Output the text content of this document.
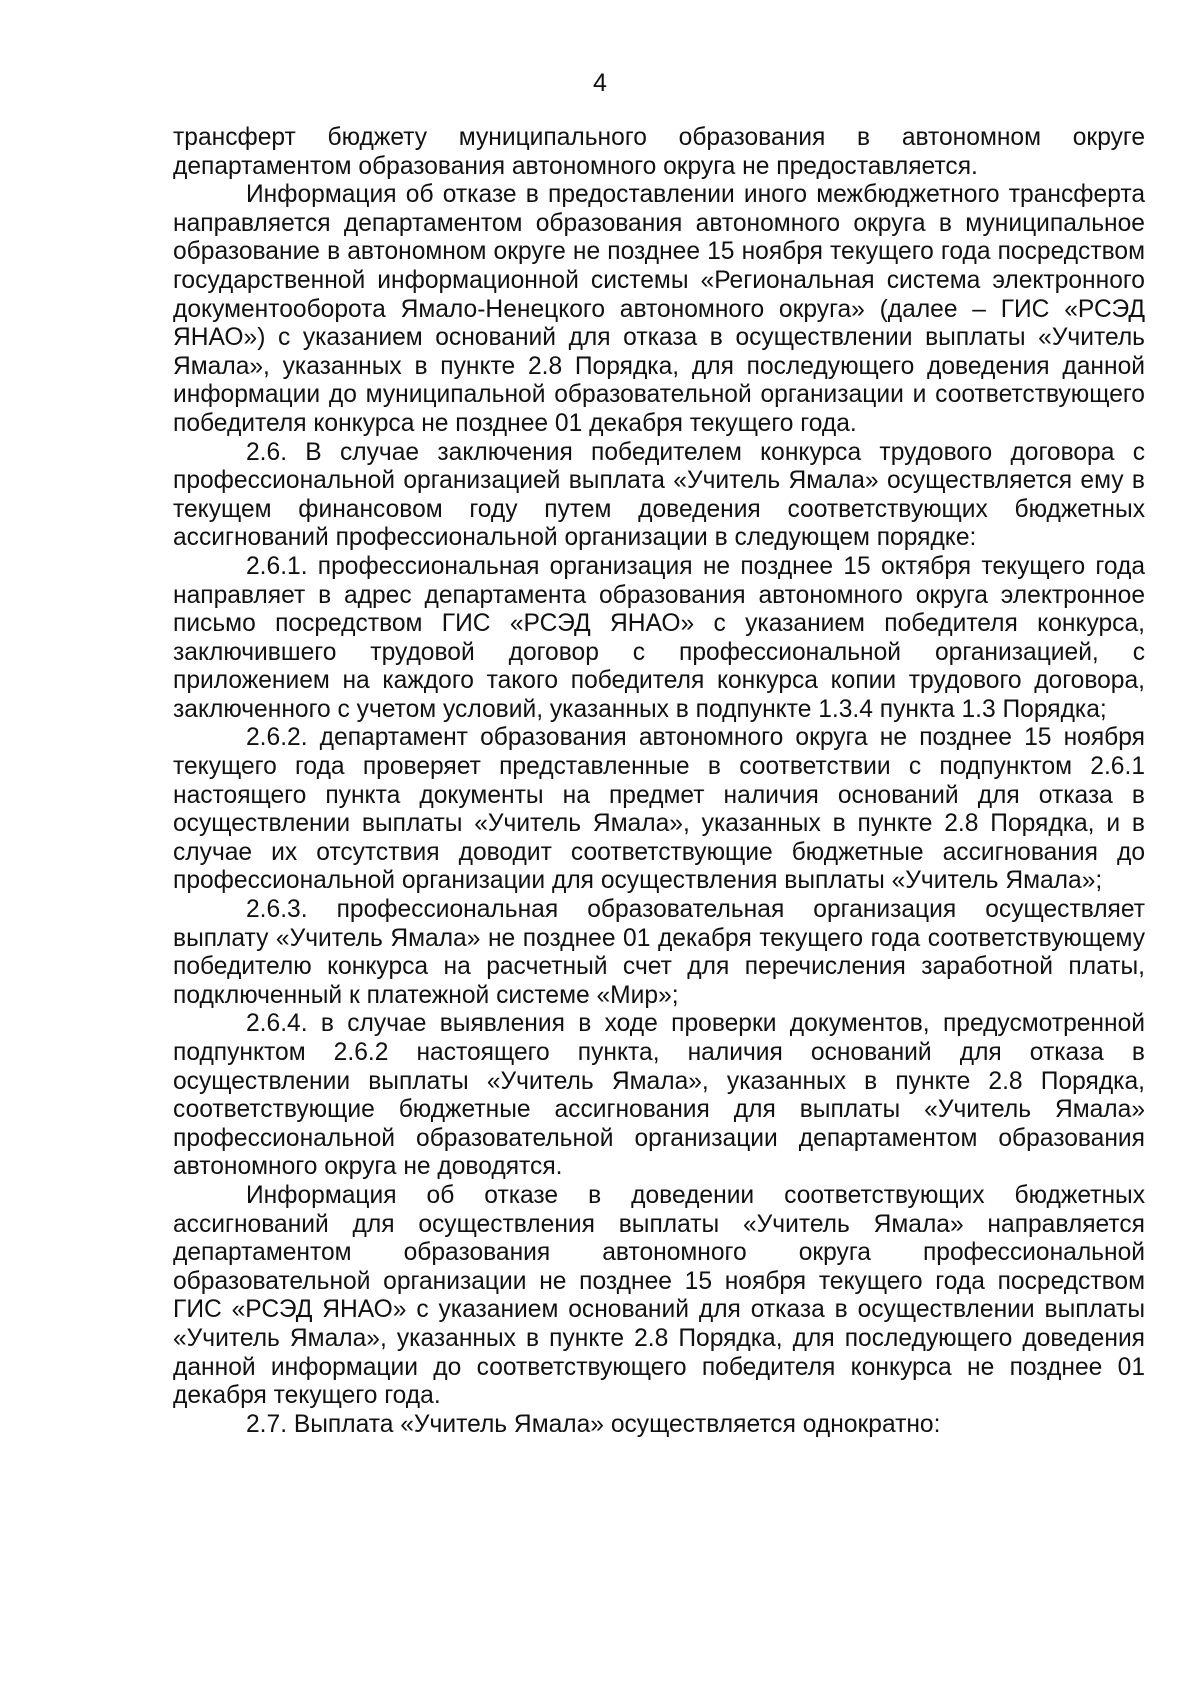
4

трансферт бюджету муниципального образования в автономном округе департаментом образования автономного округа не предоставляется.

Информация об отказе в предоставлении иного межбюджетного трансферта направляется департаментом образования автономного округа в муниципальное образование в автономном округе не позднее 15 ноября текущего года посредством государственной информационной системы «Региональная система электронного документооборота Ямало-Ненецкого автономного округа» (далее – ГИС «РСЭД ЯНАО») с указанием оснований для отказа в осуществлении выплаты «Учитель Ямала», указанных в пункте 2.8 Порядка, для последующего доведения данной информации до муниципальной образовательной организации и соответствующего победителя конкурса не позднее 01 декабря текущего года.

2.6. В случае заключения победителем конкурса трудового договора с профессиональной организацией выплата «Учитель Ямала» осуществляется ему в текущем финансовом году путем доведения соответствующих бюджетных ассигнований профессиональной организации в следующем порядке:

2.6.1. профессиональная организация не позднее 15 октября текущего года направляет в адрес департамента образования автономного округа электронное письмо посредством ГИС «РСЭД ЯНАО» с указанием победителя конкурса, заключившего трудовой договор с профессиональной организацией, с приложением на каждого такого победителя конкурса копии трудового договора, заключенного с учетом условий, указанных в подпункте 1.3.4 пункта 1.3 Порядка;

2.6.2. департамент образования автономного округа не позднее 15 ноября текущего года проверяет представленные в соответствии с подпунктом 2.6.1 настоящего пункта документы на предмет наличия оснований для отказа в осуществлении выплаты «Учитель Ямала», указанных в пункте 2.8 Порядка, и в случае их отсутствия доводит соответствующие бюджетные ассигнования до профессиональной организации для осуществления выплаты «Учитель Ямала»;

2.6.3. профессиональная образовательная организация осуществляет выплату «Учитель Ямала» не позднее 01 декабря текущего года соответствующему победителю конкурса на расчетный счет для перечисления заработной платы, подключенный к платежной системе «Мир»;

2.6.4. в случае выявления в ходе проверки документов, предусмотренной подпунктом 2.6.2 настоящего пункта, наличия оснований для отказа в осуществлении выплаты «Учитель Ямала», указанных в пункте 2.8 Порядка, соответствующие бюджетные ассигнования для выплаты «Учитель Ямала» профессиональной образовательной организации департаментом образования автономного округа не доводятся.

Информация об отказе в доведении соответствующих бюджетных ассигнований для осуществления выплаты «Учитель Ямала» направляется департаментом образования автономного округа профессиональной образовательной организации не позднее 15 ноября текущего года посредством ГИС «РСЭД ЯНАО» с указанием оснований для отказа в осуществлении выплаты «Учитель Ямала», указанных в пункте 2.8 Порядка, для последующего доведения данной информации до соответствующего победителя конкурса не позднее 01 декабря текущего года.

2.7. Выплата «Учитель Ямала» осуществляется однократно:
